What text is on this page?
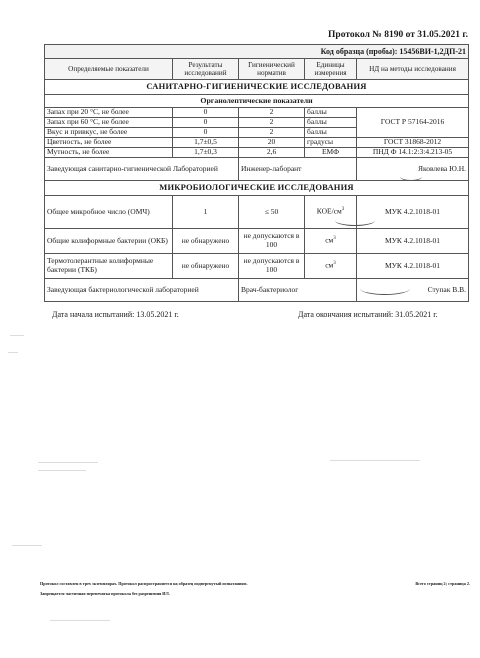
Протокол № 8190 от 31.05.2021 г.
Код образца (пробы): 15456ВИ-1,2ДП-21				
Определяемые показатели	Результаты исследований	Гигиенический норматив	Единицы измерения	НД на методы исследования
САНИТАРНО-ГИГИЕНИЧЕСКИЕ ИССЛЕДОВАНИЯ				
Органолептические показатели				
Запах при 20 °С, не более	0	2	баллы	ГОСТ Р 57164-2016
Запах при 60 °С, не более	0	2	баллы	
Вкус и привкус, не более	0	2	баллы	
Цветность, не более	1,7±0,5	20	градусы	ГОСТ 31868-2012
Мутность, не более	1,7±0,3	2,6	ЕМФ	ПНД Ф 14.1:2:3:4.213-05
Заведующая санитарно-гигиенической Лабораторией		Инженер-лаборант		Яковлева Ю.Н.
МИКРОБИОЛОГИЧЕСКИЕ ИССЛЕДОВАНИЯ				
Общее микробное число (ОМЧ)	1	≤ 50	КОЕ/$см^3$	МУК 4.2.1018-01
Общие колиформные бактерии (ОКБ)	не обнаружено	не допускаются в 100	$см^3$	МУК 4.2.1018-01
Термотолерантные колиформные бактерии (ТКБ)	не обнаружено	не допускаются в 100	$см^3$	МУК 4.2.1018-01
Заведующая бактериологической лабораторией		Врач-бактериолог		Ступак В.В.
Дата начала испытаний: 13.05.2021 г.	Дата окончания испытаний: 31.05.2021 г.
Протокол составлен в трех экземплярах. Протокол распространяется на образец подвергнутый испытаниям.	Всего страниц 2; страница 2.
Запрещается частичная перепечатка протокола без разрешения ИЛ.
